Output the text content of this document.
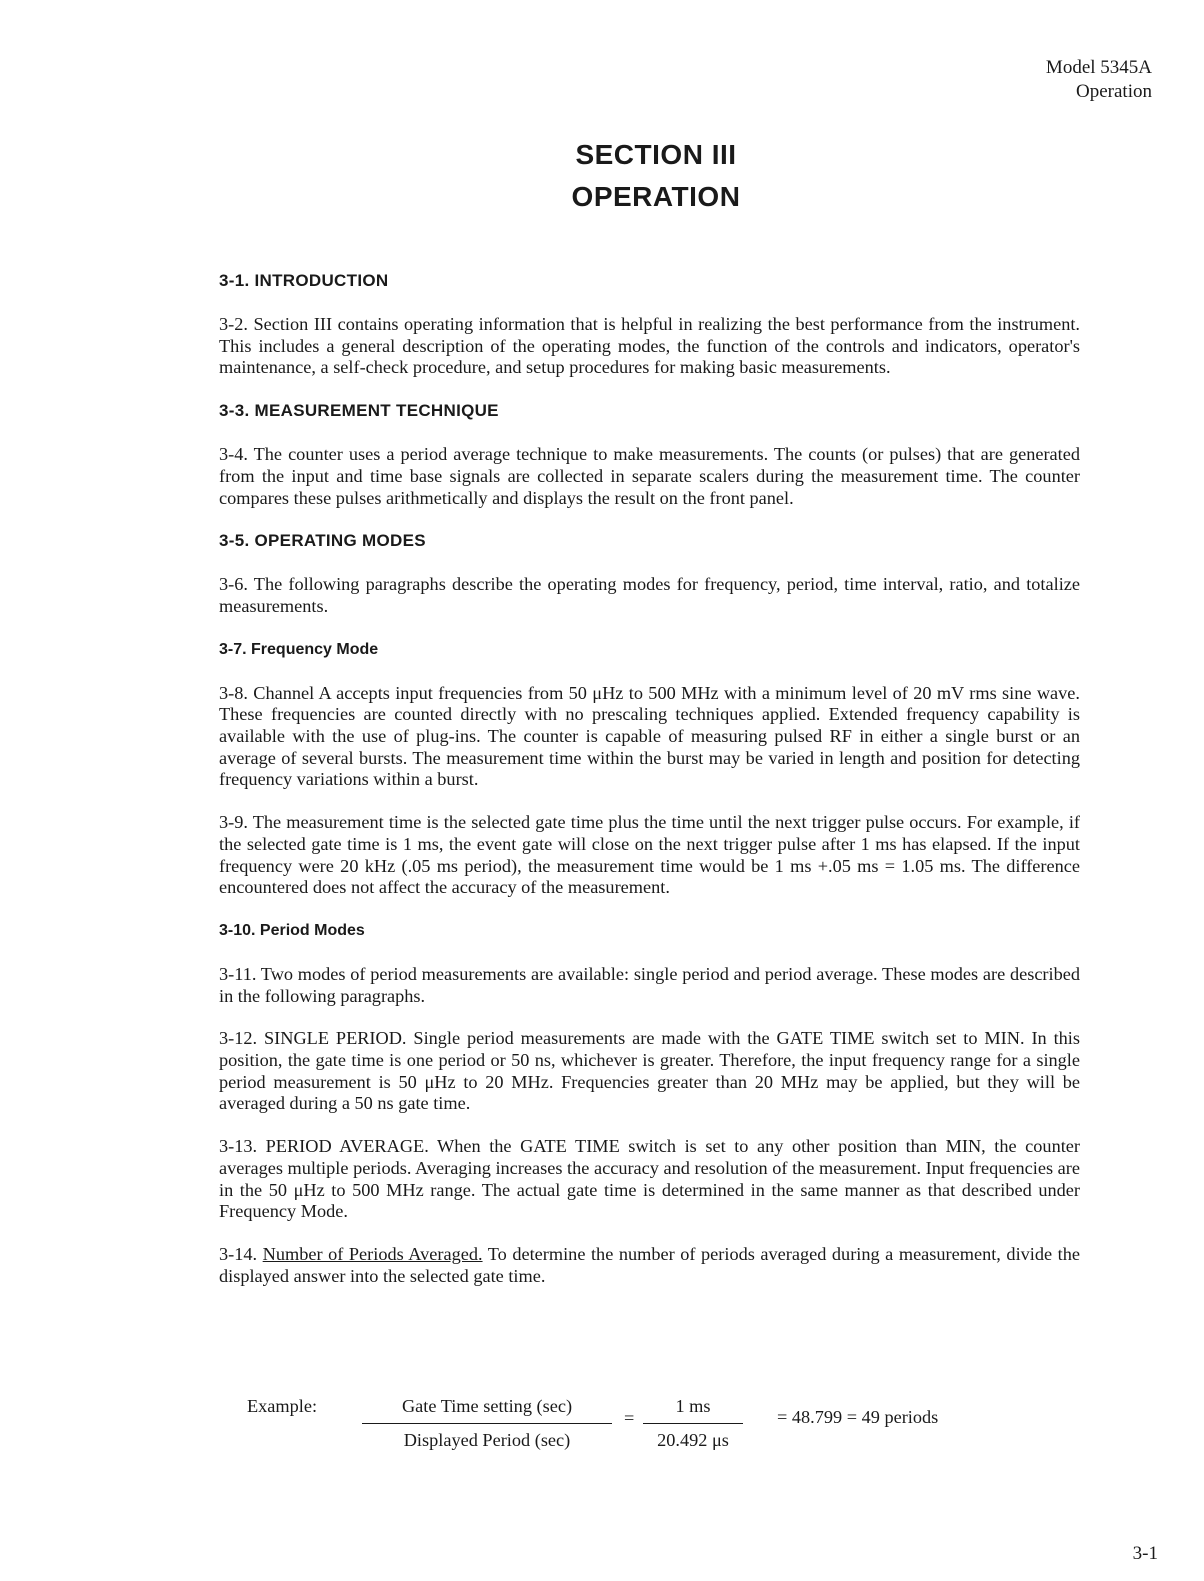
Model 5345A
Operation
SECTION III
OPERATION

3-1. INTRODUCTION

3-2. Section III contains operating information that is helpful in realizing the best performance from the instrument. This includes a general description of the operating modes, the function of the controls and indicators, operator's maintenance, a self-check procedure, and setup procedures for making basic measurements.

3-3. MEASUREMENT TECHNIQUE

3-4. The counter uses a period average technique to make measurements. The counts (or pulses) that are generated from the input and time base signals are collected in separate scalers during the measurement time. The counter compares these pulses arithmetically and displays the result on the front panel.

3-5. OPERATING MODES

3-6. The following paragraphs describe the operating modes for frequency, period, time interval, ratio, and totalize measurements.

3-7. Frequency Mode

3-8. Channel A accepts input frequencies from 50 μHz to 500 MHz with a minimum level of 20 mV rms sine wave. These frequencies are counted directly with no prescaling techniques applied. Extended frequency capability is available with the use of plug-ins. The counter is capable of measuring pulsed RF in either a single burst or an average of several bursts. The measurement time within the burst may be varied in length and position for detecting frequency variations within a burst.

3-9. The measurement time is the selected gate time plus the time until the next trigger pulse occurs. For example, if the selected gate time is 1 ms, the event gate will close on the next trigger pulse after 1 ms has elapsed. If the input frequency were 20 kHz (.05 ms period), the measurement time would be 1 ms +.05 ms = 1.05 ms. The difference encountered does not affect the accuracy of the measurement.

3-10. Period Modes

3-11. Two modes of period measurements are available: single period and period average. These modes are described in the following paragraphs.

3-12. SINGLE PERIOD. Single period measurements are made with the GATE TIME switch set to MIN. In this position, the gate time is one period or 50 ns, whichever is greater. Therefore, the input frequency range for a single period measurement is 50 μHz to 20 MHz. Frequencies greater than 20 MHz may be applied, but they will be averaged during a 50 ns gate time.

3-13. PERIOD AVERAGE. When the GATE TIME switch is set to any other position than MIN, the counter averages multiple periods. Averaging increases the accuracy and resolution of the measurement. Input frequencies are in the 50 μHz to 500 MHz range. The actual gate time is determined in the same manner as that described under Frequency Mode.

3-14. Number of Periods Averaged. To determine the number of periods averaged during a measurement, divide the displayed answer into the selected gate time.

Example:	Gate Time setting (sec)
Displayed Period (sec)
= $\frac{1 ms}{20.492 \mu s} = 48.799 = 49$ periods
3-1
